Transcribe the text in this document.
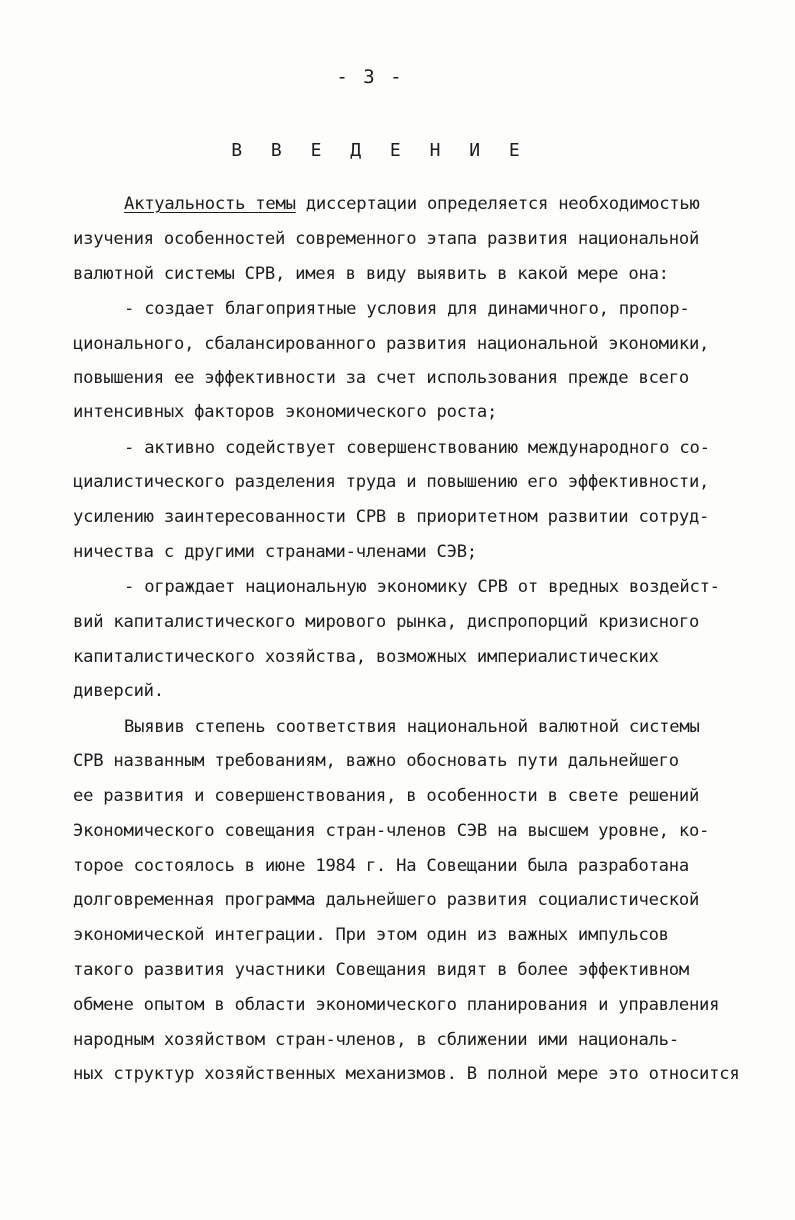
- 3 -
В В Е Д Е Н И Е
Актуальность темы диссертации определяется необходимостью
изучения особенностей современного этапа развития национальной
валютной системы СРВ, имея в виду выявить в какой мере она:
- создает благоприятные условия для динамичного, пропор-
ционального, сбалансированного развития национальной экономики,
повышения ее эффективности за счет использования прежде всего
интенсивных факторов экономического роста;
- активно содействует совершенствованию международного со-
циалистического разделения труда и повышению его эффективности,
усилению заинтересованности СРВ в приоритетном развитии сотруд-
ничества с другими странами-членами СЭВ;
- ограждает национальную экономику СРВ от вредных воздейст-
вий капиталистического мирового рынка, диспропорций кризисного
капиталистического хозяйства, возможных империалистических
диверсий.
Выявив степень соответствия национальной валютной системы
СРВ названным требованиям, важно обосновать пути дальнейшего
ее развития и совершенствования, в особенности в свете решений
Экономического совещания стран-членов СЭВ на высшем уровне, ко-
торое состоялось в июне 1984 г. На Совещании была разработана
долговременная программа дальнейшего развития социалистической
экономической интеграции. При этом один из важных импульсов
такого развития участники Совещания видят в более эффективном
обмене опытом в области экономического планирования и управления
народным хозяйством стран-членов, в сближении ими националь-
ных структур хозяйственных механизмов. В полной мере это относится
